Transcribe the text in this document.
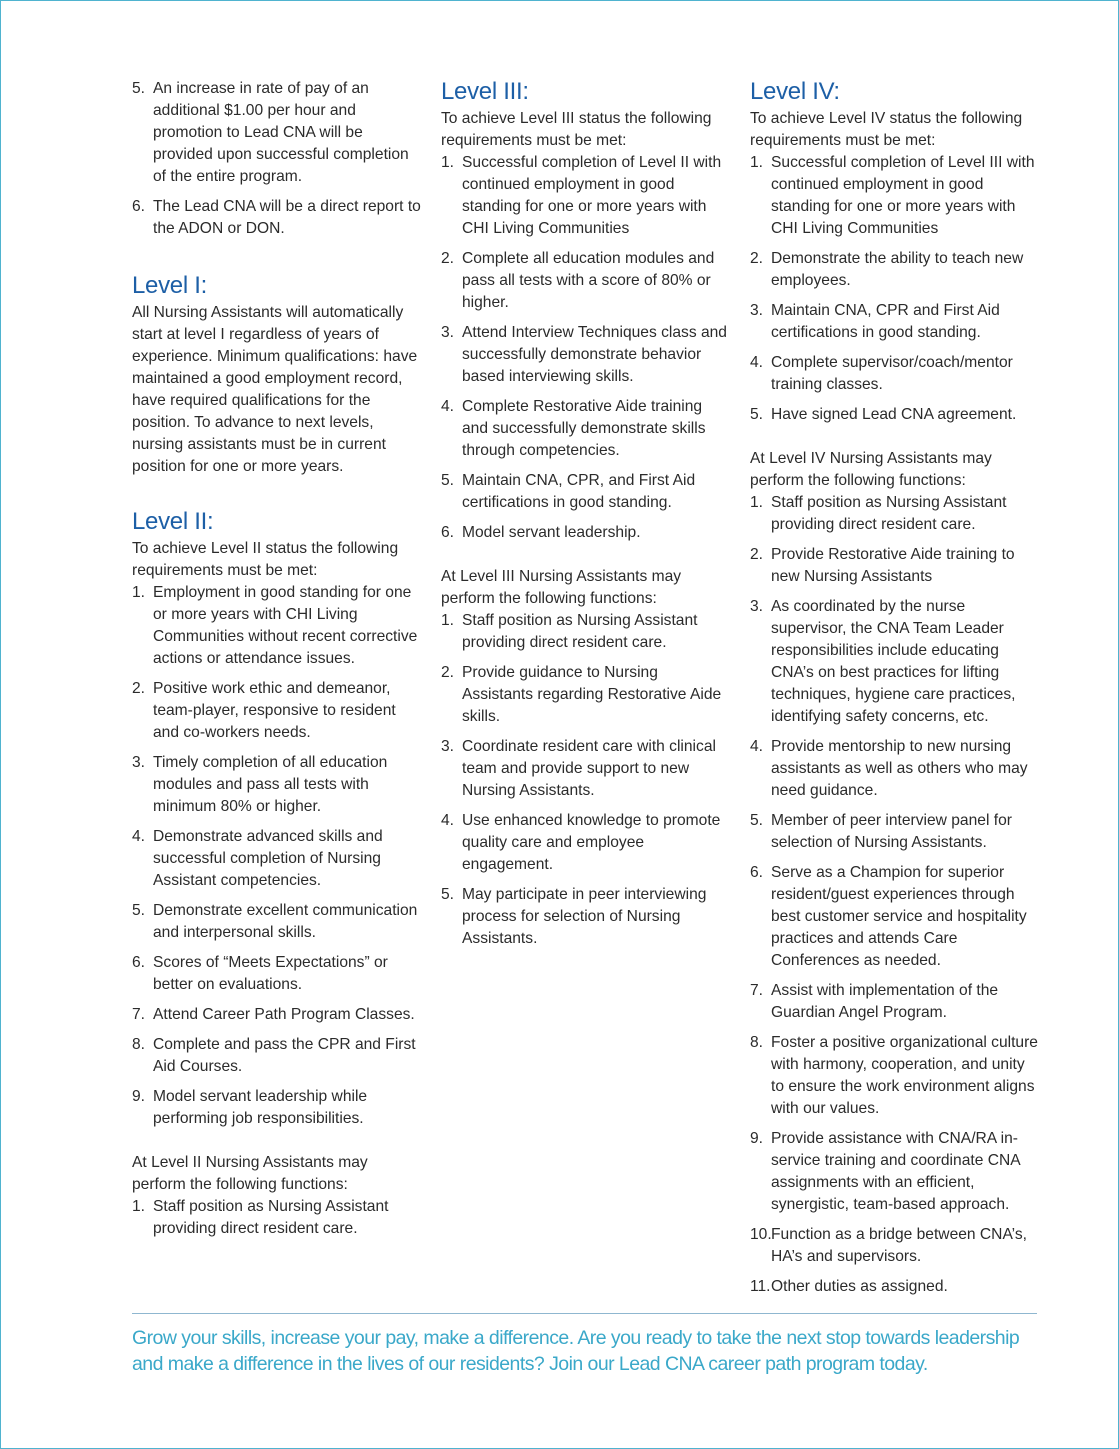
5. An increase in rate of pay of an additional $1.00 per hour and promotion to Lead CNA will be provided upon successful completion of the entire program.
6. The Lead CNA will be a direct report to the ADON or DON.
Level I:

All Nursing Assistants will automatically start at level I regardless of years of experience. Minimum qualifications: have maintained a good employment record, have required qualifications for the position. To advance to next levels, nursing assistants must be in current position for one or more years.

Level II:

To achieve Level II status the following requirements must be met:

1. Employment in good standing for one or more years with CHI Living Communities without recent corrective actions or attendance issues.
2. Positive work ethic and demeanor, team-player, responsive to resident and co-workers needs.
3. Timely completion of all education modules and pass all tests with minimum 80% or higher.
4. Demonstrate advanced skills and successful completion of Nursing Assistant competencies.
5. Demonstrate excellent communication and interpersonal skills.
6. Scores of “Meets Expectations” or better on evaluations.
7. Attend Career Path Program Classes.
8. Complete and pass the CPR and First Aid Courses.
9. Model servant leadership while performing job responsibilities.

At Level II Nursing Assistants may perform the following functions:

1. Staff position as Nursing Assistant providing direct resident care.
Level III:

To achieve Level III status the following requirements must be met:

1. Successful completion of Level II with continued employment in good standing for one or more years with CHI Living Communities
2. Complete all education modules and pass all tests with a score of 80% or higher.
3. Attend Interview Techniques class and successfully demonstrate behavior based interviewing skills.
4. Complete Restorative Aide training and successfully demonstrate skills through competencies.
5. Maintain CNA, CPR, and First Aid certifications in good standing.
6. Model servant leadership.

At Level III Nursing Assistants may perform the following functions:

1. Staff position as Nursing Assistant providing direct resident care.
2. Provide guidance to Nursing Assistants regarding Restorative Aide skills.
3. Coordinate resident care with clinical team and provide support to new Nursing Assistants.
4. Use enhanced knowledge to promote quality care and employee engagement.
5. May participate in peer interviewing process for selection of Nursing Assistants.
Level IV:

To achieve Level IV status the following requirements must be met:

1. Successful completion of Level III with continued employment in good standing for one or more years with CHI Living Communities
2. Demonstrate the ability to teach new employees.
3. Maintain CNA, CPR and First Aid certifications in good standing.
4. Complete supervisor/coach/mentor training classes.
5. Have signed Lead CNA agreement.

At Level IV Nursing Assistants may perform the following functions:

1. Staff position as Nursing Assistant providing direct resident care.
2. Provide Restorative Aide training to new Nursing Assistants
3. As coordinated by the nurse supervisor, the CNA Team Leader responsibilities include educating CNA’s on best practices for lifting techniques, hygiene care practices, identifying safety concerns, etc.
4. Provide mentorship to new nursing assistants as well as others who may need guidance.
5. Member of peer interview panel for selection of Nursing Assistants.
6. Serve as a Champion for superior resident/guest experiences through best customer service and hospitality practices and attends Care Conferences as needed.
7. Assist with implementation of the Guardian Angel Program.
8. Foster a positive organizational culture with harmony, cooperation, and unity to ensure the work environment aligns with our values.
9. Provide assistance with CNA/RA in-service training and coordinate CNA assignments with an efficient, synergistic, team-based approach.
10. Function as a bridge between CNA’s, HA’s and supervisors.
11. Other duties as assigned.
Grow your skills, increase your pay, make a difference. Are you ready to take the next stop towards leadership
and make a difference in the lives of our residents? Join our Lead CNA career path program today.
